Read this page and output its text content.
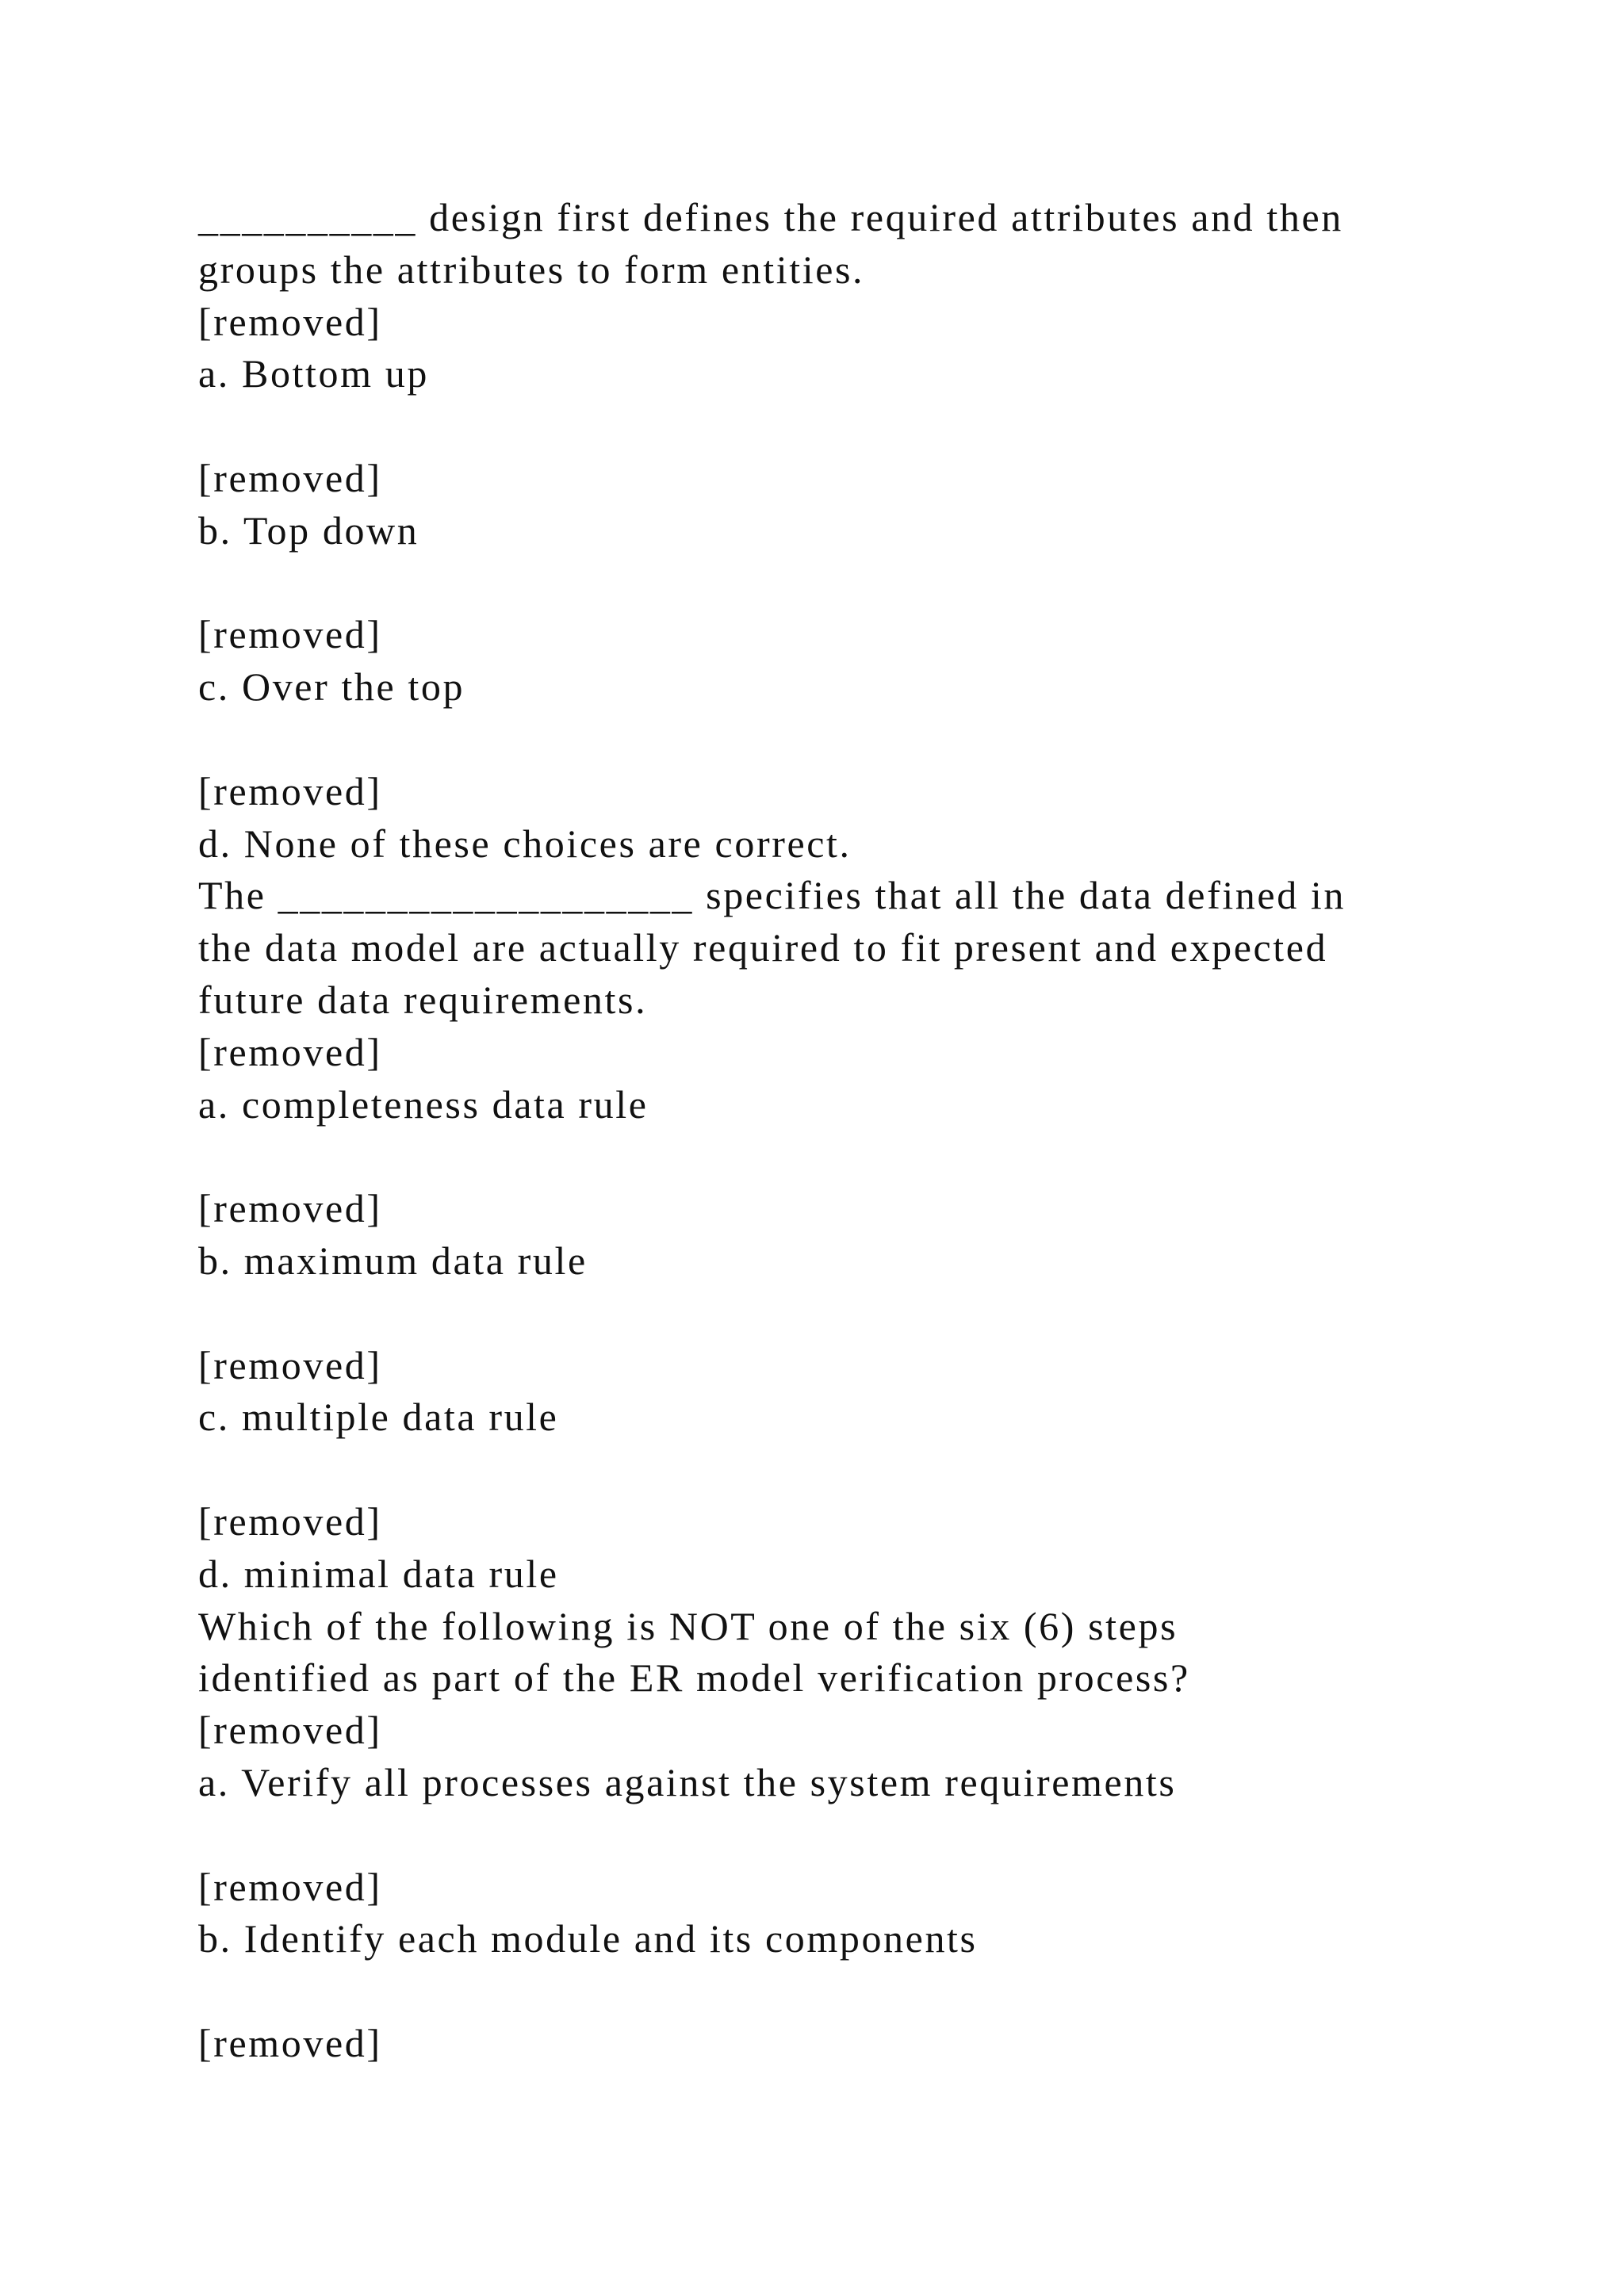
__________ design first defines the required attributes and then
groups the attributes to form entities.
[removed]
a. Bottom up
[removed]
b. Top down
[removed]
c. Over the top
[removed]
d. None of these choices are correct.
The ___________________ specifies that all the data defined in
the data model are actually required to fit present and expected
future data requirements.
[removed]
a. completeness data rule
[removed]
b. maximum data rule
[removed]
c. multiple data rule
[removed]
d. minimal data rule
Which of the following is NOT one of the six (6) steps
identified as part of the ER model verification process?
[removed]
a. Verify all processes against the system requirements
[removed]
b. Identify each module and its components
[removed]
